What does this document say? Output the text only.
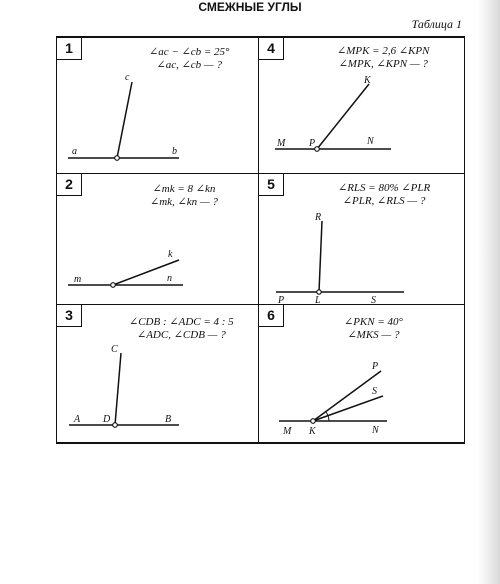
СМЕЖНЫЕ УГЛЫ
Таблица 1
1	∠ac − ∠cb = 25°
∠ac, ∠cb — ?
a	b
c
4	∠MPK = 2,6 ∠KPN
∠MPK, ∠KPN — ?
M P	N
K
2	∠mk = 8 ∠kn
∠mk, ∠kn — ?
m	n
k
5	∠RLS = 80% ∠PLR
∠PLR, ∠RLS — ?
R
P	L	S
3	∠CDB : ∠ADC = 4 : 5
∠ADC, ∠CDB — ?
C
A D	B
6	∠PKN = 40°
∠MKS — ?
P
S
M K	N
